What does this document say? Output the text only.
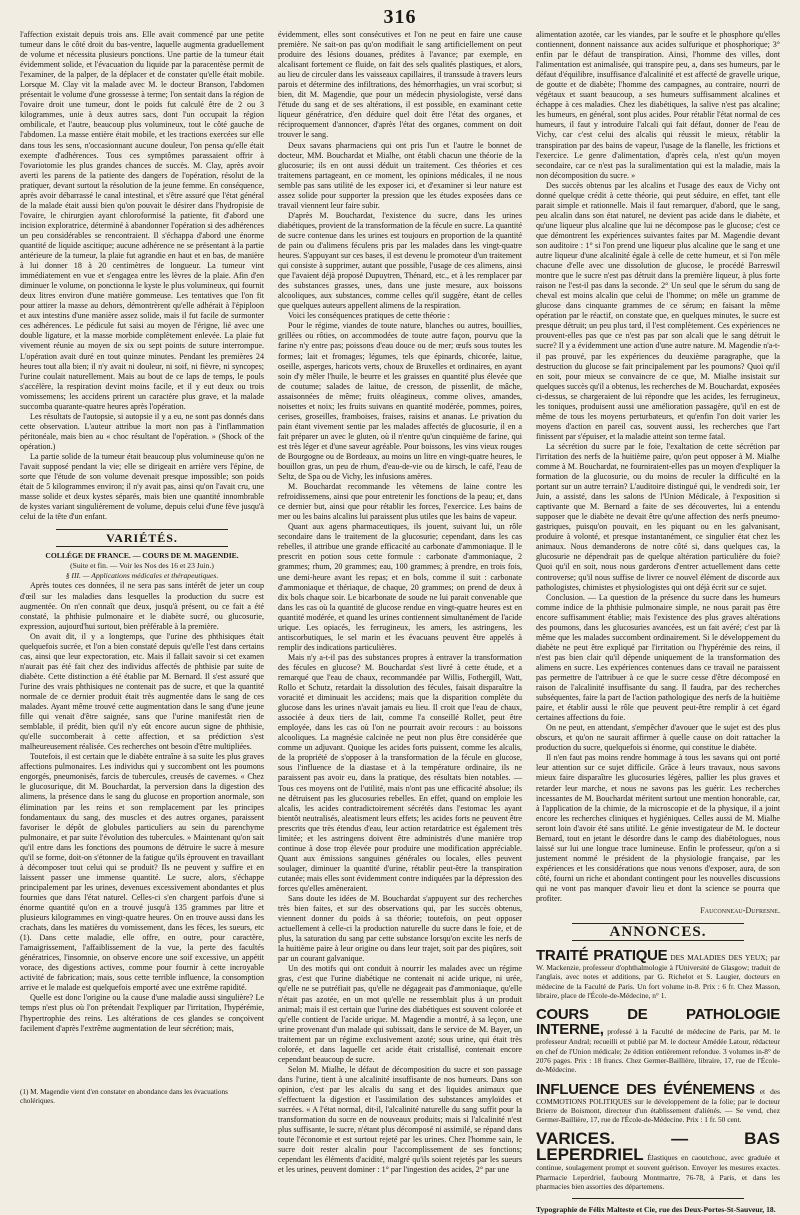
316

l'affection existait depuis trois ans. Elle avait commencé par une petite tumeur dans le côté droit du bas-ventre, laquelle augmenta graduellement de volume et nécessita plusieurs ponctions. Une partie de la tumeur était évidemment solide, et l'évacuation du liquide par la paracentèse permit de l'examiner, de la palper, de la déplacer et de constater qu'elle était mobile. Lorsque M. Clay vit la malade avec M. le docteur Branson, l'abdomen présentait le volume d'une grossesse à terme; l'on sentait dans la région de l'ovaire droit une tumeur, dont le poids fut calculé être de 2 ou 3 kilogrammes, unie à deux autres sacs, dont l'un occupait la région ombilicale, et l'autre, beaucoup plus volumineux, tout le côté gauche de l'abdomen. La masse entière était mobile, et les tractions exercées sur elle dans tous les sens, n'occasionnant aucune douleur, l'on pensa qu'elle était exempte d'adhérences. Tous ces symptômes parassaient offrir à l'ovariotomie les plus grandes chances de succès. M. Clay, après avoir averti les parens de la patiente des dangers de l'opération, résolut de la pratiquer, devant surtout la résolution de la jeune femme. En conséquence, après avoir débarrassé le canal intestinal, et s'être assuré que l'état général de la malade était aussi bien qu'on pouvait le désirer dans l'hydropisie de l'ovaire, le chirurgien ayant chloroformisé la patiente, fit d'abord une incision exploratrice, déterminé à abandonner l'opération si des adhérences un peu considérables se rencontraient. Il s'échappa d'abord une énorme quantité de liquide ascitique; aucune adhérence ne se présentant à la partie antérieure de la tumeur, la plaie fut agrandie en haut et en bas, de manière à lui donner 18 à 20 centimètres de longueur. La tumeur vint immédiatement en vue et s'engagea entre les lèvres de la plaie. Afin d'en diminuer le volume, on ponctionna le kyste le plus volumineux, qui fournit deux litres environ d'une matière gommeuse. Les tentatives que l'on fit pour attirer la masse au dehors, démontrèrent qu'elle adhérait à l'épiploon et aux intestins d'une manière assez solide, mais il fut facile de surmonter ces adhérences. Le pédicule fut saisi au moyen de l'érigne, lié avec une double ligature, et la masse morbide complètement enlevée. La plaie fut vivement réunie au moyen de six ou sept points de suture interrompue. L'opération avait duré en tout quinze minutes. Pendant les premières 24 heures tout alla bien; il n'y avait ni douleur, ni soif, ni fièvre, ni syncopes; l'urine coulait naturellement. Mais au bout de ce laps de temps, le pouls s'accélère, la respiration devint moins facile, et il y eut deux ou trois vomissemens; les accidens prirent un caractère plus grave, et la malade succomba quarante-quatre heures après l'opération.

Les résultats de l'autopsie, si autopsie il y a eu, ne sont pas donnés dans cette observation. L'auteur attribue la mort non pas à l'inflammation péritonéale, mais bien au « choc résultant de l'opération. » (Shock of the opération.)

La partie solide de la tumeur était beaucoup plus volumineuse qu'on ne l'avait supposé pendant la vie; elle se dirigeait en arrière vers l'épine, de sorte que l'étude de son volume devenait presque impossible; son poids était de 5 kilogrammes environ; il n'y avait pas, ainsi qu'on l'avait cru, une masse solide et deux kystes séparés, mais bien une quantité innombrable de kystes variant singulièrement de volume, depuis celui d'une fève jusqu'à celui de la tête d'un enfant.

VARIÉTÉS.

COLLÉGE DE FRANCE. — COURS DE M. MAGENDIE.

(Suite et fin. — Voir les Nos des 16 et 23 Juin.)

§ III. — Applications médicales et thérapeutiques.

Après toutes ces données, il ne sera pas sans intérêt de jeter un coup d'œil sur les maladies dans lesquelles la production du sucre est augmentée. On n'en connaît que deux, jusqu'à présent, ou ce fait a été constaté, la phthisie pulmonaire et le diabète sucré, ou glucosurie, expression, aujourd'hui surtout, bien préférable à la première.

On avait dit, il y a longtemps, que l'urine des phthisiques était quelquefois sucrée, et l'on a bien constaté depuis qu'elle l'est dans certains cas, ainsi que leur expectoration, etc. Mais il fallait savoir si cet examen n'aurait pas été fait chez des individus affectés de phthisie par suite de diabète. Cette distinction a été établie par M. Bernard. Il s'est assuré que l'urine des vrais phthisiques ne contenait pas de sucre, et que la quantité normale de ce dernier produit était très augmentée dans le sang de ces malades. Ayant même trouvé cette augmentation dans le sang d'une jeune fille qui venait d'être saignée, sans que l'urine manifestât rien de semblable, il prédit, bien qu'il n'y eût encore aucun signe de phthisie, qu'elle succomberait à cette affection, et sa prédiction s'est malheureusement réalisée. Ces recherches ont besoin d'être multipliées.

Toutefois, il est certain que le diabète entraîne à sa suite les plus graves affections pulmonaires. Les individus qui y succombent ont les poumons engorgés, pneumonisés, farcis de tubercules, creusés de cavernes. « Chez le glucosurique, dit M. Bouchardat, la perversion dans la digestion des alimens, la présence dans le sang du glucose en proportion anormale, son élimination par les reins et son remplacement par les principes fondamentaux du sang, des muscles et des autres organes, paraissent favoriser le dépôt de globules particuliers au sein du parenchyme pulmonaire, et par suite l'évolution des tubercules. » Maintenant qu'on sait qu'il entre dans les fonctions des poumons de détruire le sucre à mesure qu'il se forme, doit-on s'étonner de la fatigue qu'ils éprouvent en travaillant à décomposer tout celui qui se produit? Ils ne peuvent y suffire et en laissent passer une immense quantité. Le sucre, alors, s'échappe principalement par les urines, devenues excessivement abondantes et plus fournies que dans l'état naturel. Celles-ci s'en chargent parfois d'une si énorme quantité qu'on en a trouvé jusqu'à 135 grammes par litre et plusieurs kilogrammes en vingt-quatre heures. On en trouve aussi dans les crachats, dans les matières du vomissement, dans les fèces, les sueurs, etc (1). Dans cette maladie, elle offre, en outre, pour caractère, l'amaigrissement, l'affaiblissement de la vue, la perte des facultés génératrices, l'insomnie, on observe encore une soif excessive, un appétit vorace, des digestions actives, comme pour fournir à cette incroyable activité de fabrication; mais, sous cette terrible influence, la consomption arrive et le malade est quelquefois emporté avec une extrême rapidité.

Quelle est donc l'origine ou la cause d'une maladie aussi singulière? Le temps n'est plus où l'on prétendait l'expliquer par l'irritation, l'hypérémie, l'hypertrophie des reins. Les altérations de ces glandes se conçoivent facilement d'après l'extrême augmentation de leur sécrétion; mais,

(1) M. Magendie vient d'en constater en abondance dans les évacuations cholériques.

évidemment, elles sont consécutives et l'on ne peut en faire une cause première. Ne sait-on pas qu'on modifiait le sang artificiellement on peut produire des lésions douanes, prédites à l'avance; par exemple, en alcalisant fortement ce fluide, on fait des sels qualités plastiques, et alors, au lieu de circuler dans les vaisseaux capillaires, il transsude à travers leurs parois et détermine des infiltrations, des hémorrhagies, un vrai scorbut; si bien, dit M. Magendie, que pour un médecin physiologiste, versé dans l'étude du sang et de ses altérations, il est possible, en examinant cette liqueur génératrice, d'en déduire quel doit être l'état des organes, et réciproquement d'annoncer, d'après l'état des organes, comment on doit trouver le sang.

Deux savans pharmaciens qui ont pris l'un et l'autre le bonnet de docteur, MM. Bouchardat et Mialhe, ont établi chacun une théorie de la glucosurie; ils en ont aussi déduit un traitement. Ces théories et ces traitemens partageant, en ce moment, les opinions médicales, il ne nous semble pas sans utilité de les exposer ici, et d'examiner si leur nature est assez solide pour supporter la pression que les études exposées dans ce travail viennent leur faire subir.

D'après M. Bouchardat, l'existence du sucre, dans les urines diabétiques, provient de la transformation de la fécule en sucre. La quantité de sucre contenue dans les urines est toujours en proportion de la quantité de pain ou d'alimens féculens pris par les malades dans les vingt-quatre heures. S'appuyant sur ces bases, il est devenu le promoteur d'un traitement qui consiste à supprimer, autant que possible, l'usage de ces alimens, ainsi que l'avaient déjà proposé Dupuytren, Thénard, etc., et à les remplacer par des substances grasses, unes, dans une juste mesure, aux boissons alcooliques, aux substances, comme celles qu'il suggère, étant de celles que quelques auteurs appellent alimens de la respiration.

Voici les conséquences pratiques de cette théorie :

Pour le régime, viandes de toute nature, blanches ou autres, bouillies, grillées ou rôties, on accommodées de toute autre façon, pourvu que la farine n'y entre pas; poissons d'eau douce ou de mer; œufs sous toutes les formes; lait et fromages; légumes, tels que épinards, chicorée, laitue, oseille, asperges, haricots verts, choux de Bruxelles et ordinaires, en ayant soin d'y mêler l'huile, le beurre et les graisses en quantité plus élevée que de coutume; salades de laitue, de cresson, de pissenlit, de mâche, assaisonnées de même; fruits oléagineux, comme olives, amandes, noisettes et noix; les fruits suivans en quantité modérée, pommes, poires, cerises, groseilles, framboises, fraises, raisins et ananas. Le privation du pain étant vivement sentie par les malades affectés de glucosurie, il en a fait préparer un avec le gluten, où il n'entre qu'un cinquième de farine, qui est très léger et d'une saveur agréable. Pour boissons, les vins vieux rouges de Bourgogne ou de Bordeaux, au moins un litre en vingt-quatre heures, le bouillon gras, un peu de rhum, d'eau-de-vie ou de kirsch, le café, l'eau de Seltz, de Spa ou de Vichy, les infusions amères.

M. Bouchardat recommande les vêtemens de laine contre les refroidissemens, ainsi que pour entretenir les fonctions de la peau; et, dans ce dernier but, ainsi que pour rétablir les forces, l'exercice. Les bains de mer ou les bains alcalins lui paraissent plus utiles que les bains de vapeur.

Quant aux agens pharmaceutiques, ils jouent, suivant lui, un rôle secondaire dans le traitement de la glucosurie; cependant, dans les cas rebelles, il attribue une grande efficacité au carbonate d'ammoniaque. Il le prescrit en potion sous cette formule : carbonate d'ammoniaque, 2 grammes; rhum, 20 grammes; eau, 100 grammes; à prendre, en trois fois, une demi-heure avant les repas; et en bols, comme il suit : carbonate d'ammoniaque et thériaque, de chaque, 20 grammes; on prend de deux à dix bols chaque soir. Le bicarbonate de soude ne lui parait convenable que dans les cas où la quantité de glucose rendue en vingt-quatre heures est en quantité modérée, et quand les urines contiennent simultanément de l'acide urique. Les opiacés, les ferrugineux, les amers, les astringens, les antiscorbutiques, le sel marin et les évacuans peuvent être appelés à remplir des indications particulières.

Mais n'y a-t-il pas des substances propres à entraver la transformation des fécules en glucose? M. Bouchardat s'est livré à cette étude, et a remarqué que l'eau de chaux, recommandée par Willis, Fothergill, Watt, Rollo et Schutz, retardait la dissolution des fécules, faisait disparaître la voracité et diminuait les accidens; mais que la disparition complète du glucose dans les urines n'avait jamais eu lieu. Il croit que l'eau de chaux, associée à deux tiers de lait, comme l'a conseillé Rollet, peut être employée, dans les cas où l'on ne pourrait avoir recours : au boissons alcooliques. La magnésie calcinée ne peut non plus être considérée que comme un adjuvant. Quoique les acides forts puissent, comme les alcalis, de la propriété de s'opposer à la transformation de la fécule en glucose, sous l'influence de la diastase et à la température ordinaire, ils ne paraissent pas avoir eu, dans la pratique, des résultats bien notables. — Tous ces moyens ont de l'utilité, mais n'ont pas une efficacité absolue; ils ne détruisent pas les glucosuries rebelles. En effet, quand on emploie les alcalis, les acides contradictoirement sécrétés dans l'estomac les ayant bientôt neutralisés, aleatisment leurs effets; les acides forts ne peuvent être prescrits que très étendus d'eau, leur action retardatrice est également très limitée; et les astringens doivent être administrés d'une manière trop continue à dose trop élevée pour produire une modification appréciable. Quant aux émissions sanguines générales ou locales, elles peuvent soulager, diminuer la quantité d'urine, rétablir peut-être la transpiration cutanée; mais elles sont évidemment contre indiquées par la dépression des forces qu'elles amèneraient.

Sans doute les idées de M. Bouchardat s'appuyent sur des recherches très bien faites, et sur des observations qui, par les succès obtenus, viennent donner du poids à sa théorie; toutefois, on peut opposer actuellement à celle-ci la production naturelle du sucre dans le foie, et de plus, la saturation du sang par cette substance lorsqu'on excite les nerfs de la huitième paire à leur origine ou dans leur trajet, soit par des piqûres, soit par un courant galvanique.

Un des motifs qui ont conduit à nourrir les malades avec un régime gras, c'est que l'urine diabétique ne contenait ni acide urique, ni urée, qu'elle ne se putréfiait pas, qu'elle ne dégageait pas d'ammoniaque, qu'elle n'était pas azotée, en un mot qu'elle ne ressemblait plus à un produit animal; mais il est certain que l'urine des diabétiques est souvent colorée et qu'elle contient de l'acide urique. M. Magendie a montré, à sa leçon, une urine provenant d'un malade qui subissait, dans le service de M. Bayer, un traitement par un régime exclusivement azoté; sous urine, qui était très colorée, et dans laquelle cet acide était cristallisé, contenait encore cependant beaucoup de sucre.

Selon M. Mialhe, le défaut de décomposition du sucre et son passage dans l'urine, tient à une alcalinité insuffisante de nos humeurs. Dans son opinion, c'est par les alcalis du sang et des liquides animaux que s'effectuent la digestion et l'assimilation des substances amyloïdes et sucrées. « A l'état normal, dit-il, l'alcalinité naturelle du sang suffit pour la transformation du sucre en de nouveaux produits; mais si l'alcalinité n'est plus suffisante, le sucre, n'étant plus décomposé ni assimilé, se répand dans toute l'économie et est surtout rejeté par les urines. Chez l'homme sain, le sucre doit rester alcalin pour l'accomplissement de ses fonctions; cependant les éléments d'acidité, malgré qu'ils soient rejetés par les sueurs et les urines, peuvent dominer : 1° par l'ingestion des acides, 2° par une

alimentation azotée, car les viandes, par le soufre et le phosphore qu'elles contiennent, donnent naissance aux acides sulfurique et phosphorique; 3° enfin par le défaut de transpiration. Ainsi, l'homme des villes, dont l'alimentation est animalisée, qui transpire peu, a, dans ses humeurs, par le défaut d'équilibre, insuffisance d'alcalinité et est affecté de gravelle urique, de goutte et de diabète; l'homme des campagnes, au contraire, nourri de végétaux et suant beaucoup, a ses humeurs suffisamment alcalines et échappe à ces maladies. Chez les diabétiques, la salive n'est pas alcaline; les humeurs, en général, sont plus acides. Pour rétablir l'état normal de ces humeurs, il faut y introduire l'alcali qui fait défaut, donner de l'eau de Vichy, car c'est celui des alcalis qui réussit le mieux, rétablir la transpiration par des bains de vapeur, l'usage de la flanelle, les frictions et l'exercice. Le genre d'alimentation, d'après cela, n'est qu'un moyen secondaire, car ce n'est pas la suralimentation qui est la maladie, mais la non décomposition du sucre. »

Des succès obtenus par les alcalins et l'usage des eaux de Vichy ont donné quelque crédit à cette théorie, qui peut séduire, en effet, tant elle parait simple et rationnelle. Mais il faut remarquer, d'abord, que le sang, peu alcalin dans son état naturel, ne devient pas acide dans le diabète, et qu'une liqueur plus alcaline que lui ne décompose pas le glucose; c'est ce que démontrent les expériences suivantes faites par M. Magendie devant son auditoire : 1° si l'on prend une liqueur plus alcaline que le sang et une autre liqueur d'une alcalinité égale à celle de cette humeur, et si l'on mêle chacune d'elle avec une dissolution de glucose, le procédé Barreswil montre que le sucre n'est pas détruit dans la première liqueur, à plus forte raison ne l'est-il pas dans la seconde. 2° Un seul que le sérum du sang de cheval est moins alcalin que celui de l'homme; on mêle un gramme de glucose dans cinquante grammes de ce sérum; en faisant la même opération par le réactif, on constate que, en quelques minutes, le sucre est presque détruit; un peu plus tard, il l'est complètement. Ces expériences ne prouvent-elles pas que ce n'est pas par son alcali que le sang détruit le sucre? Il y a évidemment une action d'une autre nature. M. Magendie n'a-t-il pas prouvé, par les expériences du deuxième paragraphe, que la destruction du glucose se fait principalement par les poumons? Quoi qu'il en soit, pour mieux se convaincre de ce que, M. Mialhe insistait sur quelques succès qu'il a obtenus, les recherches de M. Bouchardat, exposées ci-dessus, se chargeraient de lui répondre que les acides, les ferrugineux, les toniques, produisent aussi une amélioration passagère, qu'il en est de même de tous les moyens perturbateurs, et qu'enfin l'on doit varier les moyens d'action en pareil cas, souvent aussi, les recherches que l'art finissent par s'épuiser, et la maladie atteint son terme fatal.

La sécrétion du sucre par le foie, l'exaltation de cette sécrétion par l'irritation des nerfs de la huitième paire, qu'on peut opposer à M. Mialhe comme à M. Bouchardat, ne fourniraient-elles pas un moyen d'expliquer la formation de la glucosurie, ou du moins de reculer la difficulté en la portant sur un autre terrain? L'auditoire distingué qui, le vendredi soir, 1er Juin, a assisté, dans les salons de l'Union Médicale, à l'exposition si captivante que M. Bernard a faite de ses découvertes, lui a entendu supposer que le diabète ne devait être qu'une affection des nerfs pneumo-gastriques, puisqu'on pouvait, en les piquant ou en les galvanisant, produire à volonté, et presque instantanément, ce singulier état chez les animaux. Nous demanderons de notre côté si, dans quelques cas, la glucosurie ne dépendrait pas de quelque altération particulière du foie? Quoi qu'il en soit, nous nous garderons d'entrer actuellement dans cette controverse; qu'il nous suffise de livrer ce nouvel élément de discorde aux pathologistes, chimistes et physiologistes qui ont déjà écrit sur ce sujet.

Conclusion. — La question de la présence du sucre dans les humeurs comme indice de la phthisie pulmonaire simple, ne nous parait pas être encore suffisamment établie; mais l'existence des plus graves altérations des poumons, dans les glucosuries avancées, est un fait avéré; c'est par là même que les malades succombent ordinairement. Si le développement du diabète ne peut être expliqué par l'irritation ou l'hypérémie des reins, il n'est pas bien clair qu'il dépende uniquement de la transformation des alimens en sucre. Les expériences contenues dans ce travail ne paraissent pas permettre de l'attribuer à ce que le sucre cesse d'être décomposé en raison de l'alcalinité insuffisante du sang. Il faudra, par des recherches subséquentes, faire la part de l'action pathologique des nerfs de la huitième paire, et établir aussi le rôle que peuvent peut-être remplir à cet égard certaines affections du foie.

On ne peut, en attendant, s'empêcher d'avouer que le sujet est des plus obscurs, et qu'on ne saurait affirmer à quelle cause on doit rattacher la production du sucre, quelquefois si énorme, qui constitue le diabète.

Il n'en faut pas moins rendre hommage à tous les savans qui ont porté leur attention sur ce sujet difficile. Grâce à leurs travaux, nous savons mieux faire disparaître les glucosuries légères, pallier les plus graves et retarder leur marche, et nous ne savons pas les guérir. Les recherches incessantes de M. Bouchardat méritent surtout une mention honorable, car, à l'application de la chimie, de la microscopie et de la physique, il a joint encore les recherches cliniques et hygiéniques. Celles aussi de M. Mialhe seront loin d'avoir été sans utilité. Le génie investigateur de M. le docteur Bernard, tout en jetant le désordre dans le camp des diabétologues, nous laissé sur lui une longue trace lumineuse. Enfin le professeur, qu'on a si justement nommé le président de la physiologie française, par les expériences et les considérations que nous venons d'exposer, aura, de son côté, fourni un riche et abondant contingent pour les nouvelles discussions qui ne vont pas manquer d'avoir lieu et dont la science se pourra que profiter.

Fauconneau-Dufresne.
ANNONCES.
TRAITÉ PRATIQUE DES MALADIES DES YEUX; par W. Mackenzie, professeur d'ophthalmologie à l'Université de Glasgow; traduit de l'anglais, avec notes et additions, par G. Richelot et S. Laugier, docteurs en médecine de la Faculté de Paris. Un fort volume in-8. Prix : 6 fr. Chez Masson, libraire, place de l'École-de-Médecine, n° 1.
COURS DE PATHOLOGIE INTERNE, professé à la Faculté de médecine de Paris, par M. le professeur Andral; recueilli et publié par M. le docteur Amédée Latour, rédacteur en chef de l'Union médicale; 2e édition entièrement refondue. 3 volumes in-8° de 2076 pages. Prix : 18 francs. Chez Germer-Baillière, libraire, 17, rue de l'École-de-Médecine.
INFLUENCE DES ÉVÉNEMENS et des COMMOTIONS POLITIQUES sur le développement de la folie; par le docteur Brierre de Boismont, directeur d'un établissement d'aliénés. — Se vend, chez Germer-Baillière, 17, rue de l'École-de-Médecine. Prix : 1 fr. 50 cent.
VARICES. — BAS LEPERDRIEL Élastiques en caoutchouc, avec graduée et continue, soulagement prompt et souvent guérison. Envoyer les mesures exactes. Pharmacie Leperdriel, faubourg Montmartre, 76-78, à Paris, et dans les pharmacies bien assorties des départemens.
Typographie de Félix Malteste et Cie, rue des Deux-Portes-St-Sauveur, 18.
